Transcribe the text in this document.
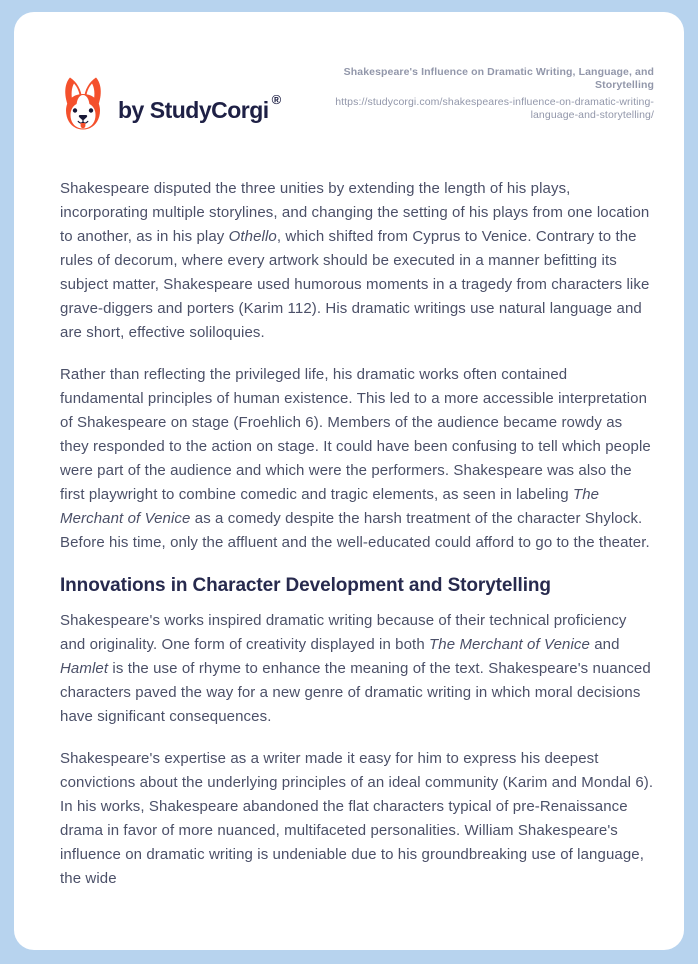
by StudyCorgi ®
Shakespeare's Influence on Dramatic Writing, Language, and Storytelling
https://studycorgi.com/shakespeares-influence-on-dramatic-writing-language-and-storytelling/

Shakespeare disputed the three unities by extending the length of his plays, incorporating multiple storylines, and changing the setting of his plays from one location to another, as in his play Othello, which shifted from Cyprus to Venice. Contrary to the rules of decorum, where every artwork should be executed in a manner befitting its subject matter, Shakespeare used humorous moments in a tragedy from characters like grave-diggers and porters (Karim 112). His dramatic writings use natural language and are short, effective soliloquies.

Rather than reflecting the privileged life, his dramatic works often contained fundamental principles of human existence. This led to a more accessible interpretation of Shakespeare on stage (Froehlich 6). Members of the audience became rowdy as they responded to the action on stage. It could have been confusing to tell which people were part of the audience and which were the performers. Shakespeare was also the first playwright to combine comedic and tragic elements, as seen in labeling The Merchant of Venice as a comedy despite the harsh treatment of the character Shylock. Before his time, only the affluent and the well-educated could afford to go to the theater.

Innovations in Character Development and Storytelling

Shakespeare's works inspired dramatic writing because of their technical proficiency and originality. One form of creativity displayed in both The Merchant of Venice and Hamlet is the use of rhyme to enhance the meaning of the text. Shakespeare's nuanced characters paved the way for a new genre of dramatic writing in which moral decisions have significant consequences.

Shakespeare's expertise as a writer made it easy for him to express his deepest convictions about the underlying principles of an ideal community (Karim and Mondal 6). In his works, Shakespeare abandoned the flat characters typical of pre-Renaissance drama in favor of more nuanced, multifaceted personalities. William Shakespeare's influence on dramatic writing is undeniable due to his groundbreaking use of language, the wide
